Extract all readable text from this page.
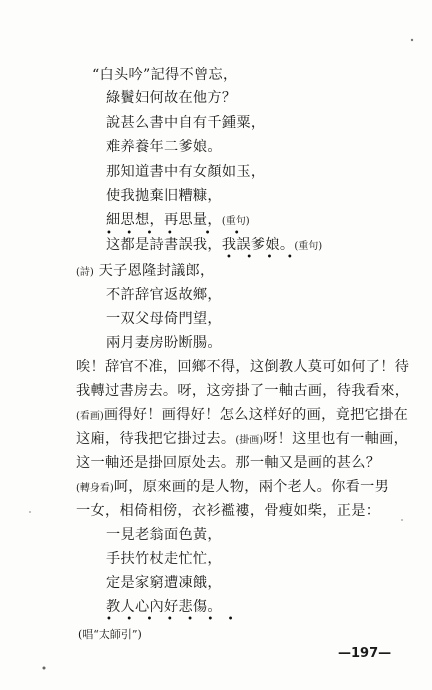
“白头吟”記得不曾忘，
綠鬢妇何故在他方？
說甚么書中自有千鍾粟，
难养養年二爹娘。
那知道書中有女顏如玉，
使我拋棄旧糟糠，
細思想，再思量，(重句)
• • • •   •  •
这都是詩書誤我，我誤爹娘。(重句)
• • • •
(詩) 天子恩隆封議郎，
不許辞官返故鄉，
一双父母倚門望，
兩月妻房盼断腸。
唉！辞官不准，回鄉不得，这倒教人莫可如何了！待
我轉过書房去。呀，这旁掛了一軸古画，待我看來，
(看画)画得好！画得好！怎么这样好的画，竟把它掛在
这廂，待我把它掛过去。(掛画)呀！这里也有一軸画，
这一軸还是掛回原处去。那一軸又是画的甚么？
(轉身看)呵，原來画的是人物，兩个老人。你看一男
一女，相倚相傍，衣衫襤褸，骨瘦如柴，正是：
一見老翁面色黃，
手扶竹杖走忙忙，
定是家窮遭凍餓，
教人心內好悲傷。
• • • • • • •
(唱“太師引”)
—197—
